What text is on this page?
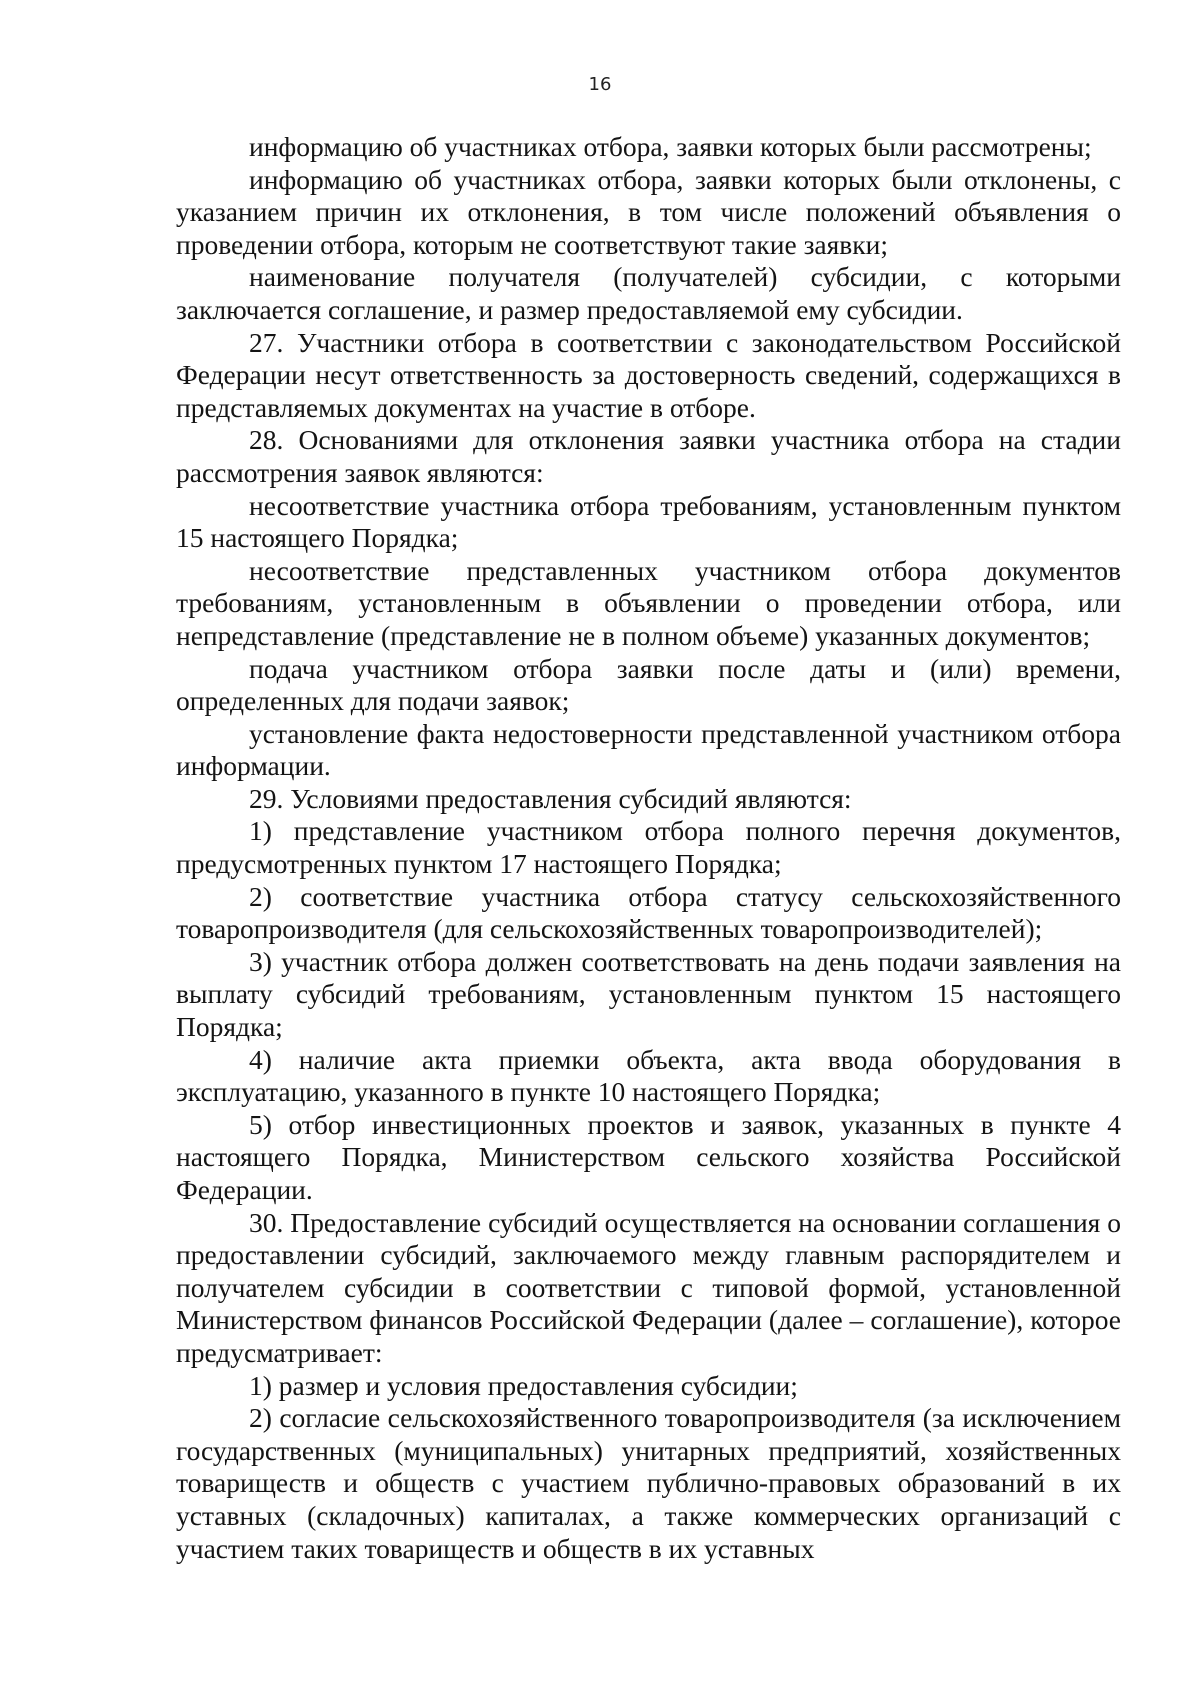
16

информацию об участниках отбора, заявки которых были рассмотрены;

информацию об участниках отбора, заявки которых были отклонены, с указанием причин их отклонения, в том числе положений объявления о проведении отбора, которым не соответствуют такие заявки;

наименование получателя (получателей) субсидии, с которыми заключается соглашение, и размер предоставляемой ему субсидии.

27. Участники отбора в соответствии с законодательством Российской Федерации несут ответственность за достоверность сведений, содержащихся в представляемых документах на участие в отборе.

28. Основаниями для отклонения заявки участника отбора на стадии рассмотрения заявок являются:

несоответствие участника отбора требованиям, установленным пунктом 15 настоящего Порядка;

несоответствие представленных участником отбора документов требованиям, установленным в объявлении о проведении отбора, или непредставление (представление не в полном объеме) указанных документов;

подача участником отбора заявки после даты и (или) времени, определенных для подачи заявок;

установление факта недостоверности представленной участником отбора информации.

29. Условиями предоставления субсидий являются:

1) представление участником отбора полного перечня документов, предусмотренных пунктом 17 настоящего Порядка;

2) соответствие участника отбора статусу сельскохозяйственного товаропроизводителя (для сельскохозяйственных товаропроизводителей);

3) участник отбора должен соответствовать на день подачи заявления на выплату субсидий требованиям, установленным пунктом 15 настоящего Порядка;

4) наличие акта приемки объекта, акта ввода оборудования в эксплуатацию, указанного в пункте 10 настоящего Порядка;

5) отбор инвестиционных проектов и заявок, указанных в пункте 4 настоящего Порядка, Министерством сельского хозяйства Российской Федерации.

30. Предоставление субсидий осуществляется на основании соглашения о предоставлении субсидий, заключаемого между главным распорядителем и получателем субсидии в соответствии с типовой формой, установленной Министерством финансов Российской Федерации (далее – соглашение), которое предусматривает:

1) размер и условия предоставления субсидии;

2) согласие сельскохозяйственного товаропроизводителя (за исключением государственных (муниципальных) унитарных предприятий, хозяйственных товариществ и обществ с участием публично-правовых образований в их уставных (складочных) капиталах, а также коммерческих организаций с участием таких товариществ и обществ в их уставных
